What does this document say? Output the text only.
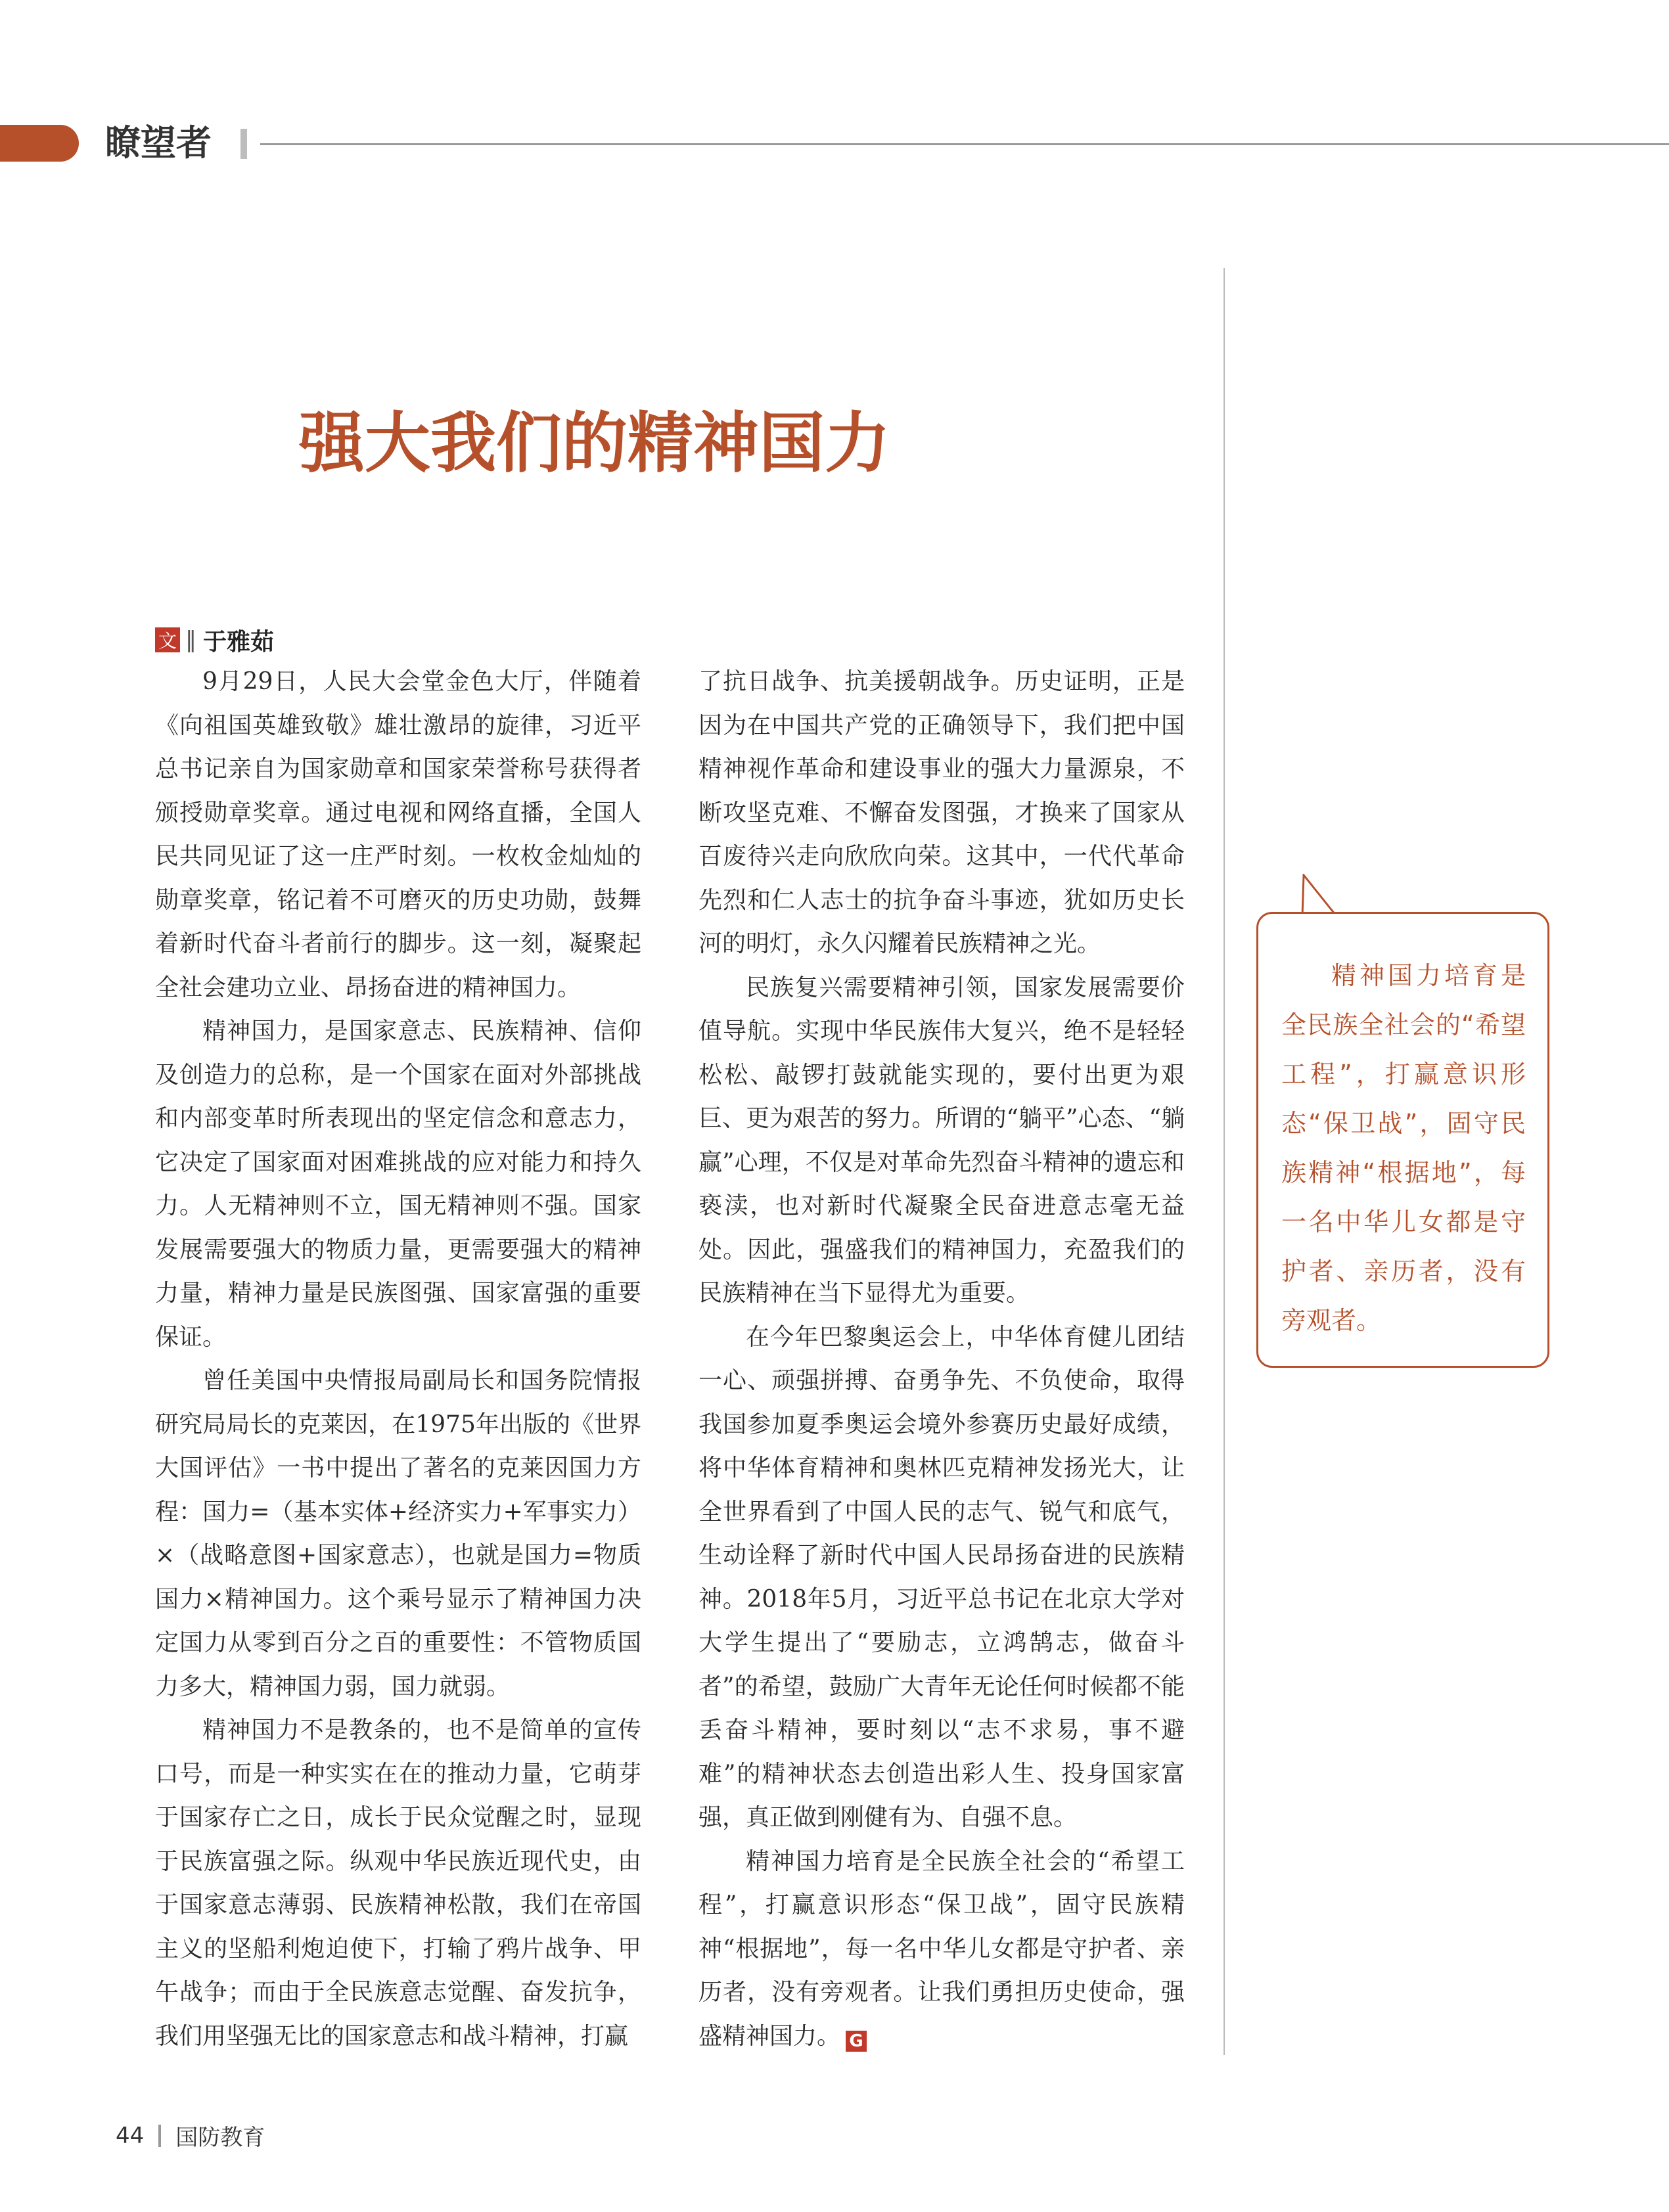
瞭望者
强大我们的精神国力
文 ‖ 于雅茹

9月29日，人民大会堂金色大厅，伴随着《向祖国英雄致敬》雄壮激昂的旋律，习近平总书记亲自为国家勋章和国家荣誉称号获得者颁授勋章奖章。通过电视和网络直播，全国人民共同见证了这一庄严时刻。一枚枚金灿灿的勋章奖章，铭记着不可磨灭的历史功勋，鼓舞着新时代奋斗者前行的脚步。这一刻，凝聚起全社会建功立业、昂扬奋进的精神国力。

精神国力，是国家意志、民族精神、信仰及创造力的总称，是一个国家在面对外部挑战和内部变革时所表现出的坚定信念和意志力，它决定了国家面对困难挑战的应对能力和持久力。人无精神则不立，国无精神则不强。国家发展需要强大的物质力量，更需要强大的精神力量，精神力量是民族图强、国家富强的重要保证。

曾任美国中央情报局副局长和国务院情报研究局局长的克莱因，在1975年出版的《世界大国评估》一书中提出了著名的克莱因国力方程：国力=（基本实体+经济实力+军事实力）×（战略意图+国家意志），也就是国力=物质国力×精神国力。这个乘号显示了精神国力决定国力从零到百分之百的重要性：不管物质国力多大，精神国力弱，国力就弱。

精神国力不是教条的，也不是简单的宣传口号，而是一种实实在在的推动力量，它萌芽于国家存亡之日，成长于民众觉醒之时，显现于民族富强之际。纵观中华民族近现代史，由于国家意志薄弱、民族精神松散，我们在帝国主义的坚船利炮迫使下，打输了鸦片战争、甲午战争；而由于全民族意志觉醒、奋发抗争，我们用坚强无比的国家意志和战斗精神，打赢

了抗日战争、抗美援朝战争。历史证明，正是因为在中国共产党的正确领导下，我们把中国精神视作革命和建设事业的强大力量源泉，不断攻坚克难、不懈奋发图强，才换来了国家从百废待兴走向欣欣向荣。这其中，一代代革命先烈和仁人志士的抗争奋斗事迹，犹如历史长河的明灯，永久闪耀着民族精神之光。

民族复兴需要精神引领，国家发展需要价值导航。实现中华民族伟大复兴，绝不是轻轻松松、敲锣打鼓就能实现的，要付出更为艰巨、更为艰苦的努力。所谓的“躺平”心态、“躺赢”心理，不仅是对革命先烈奋斗精神的遗忘和亵渎，也对新时代凝聚全民奋进意志毫无益处。因此，强盛我们的精神国力，充盈我们的民族精神在当下显得尤为重要。

在今年巴黎奥运会上，中华体育健儿团结一心、顽强拼搏、奋勇争先、不负使命，取得我国参加夏季奥运会境外参赛历史最好成绩，将中华体育精神和奥林匹克精神发扬光大，让全世界看到了中国人民的志气、锐气和底气，生动诠释了新时代中国人民昂扬奋进的民族精神。2018年5月，习近平总书记在北京大学对大学生提出了“要励志，立鸿鹄志，做奋斗者”的希望，鼓励广大青年无论任何时候都不能丢奋斗精神，要时刻以“志不求易，事不避难”的精神状态去创造出彩人生、投身国家富强，真正做到刚健有为、自强不息。

精神国力培育是全民族全社会的“希望工程”，打赢意识形态“保卫战”，固守民族精神“根据地”，每一名中华儿女都是守护者、亲历者，没有旁观者。让我们勇担历史使命，强盛精神国力。 G

精神国力培育是全民族全社会的“希望工程”，打赢意识形态“保卫战”，固守民族精神“根据地”，每一名中华儿女都是守护者、亲历者，没有旁观者。
44 国防教育
